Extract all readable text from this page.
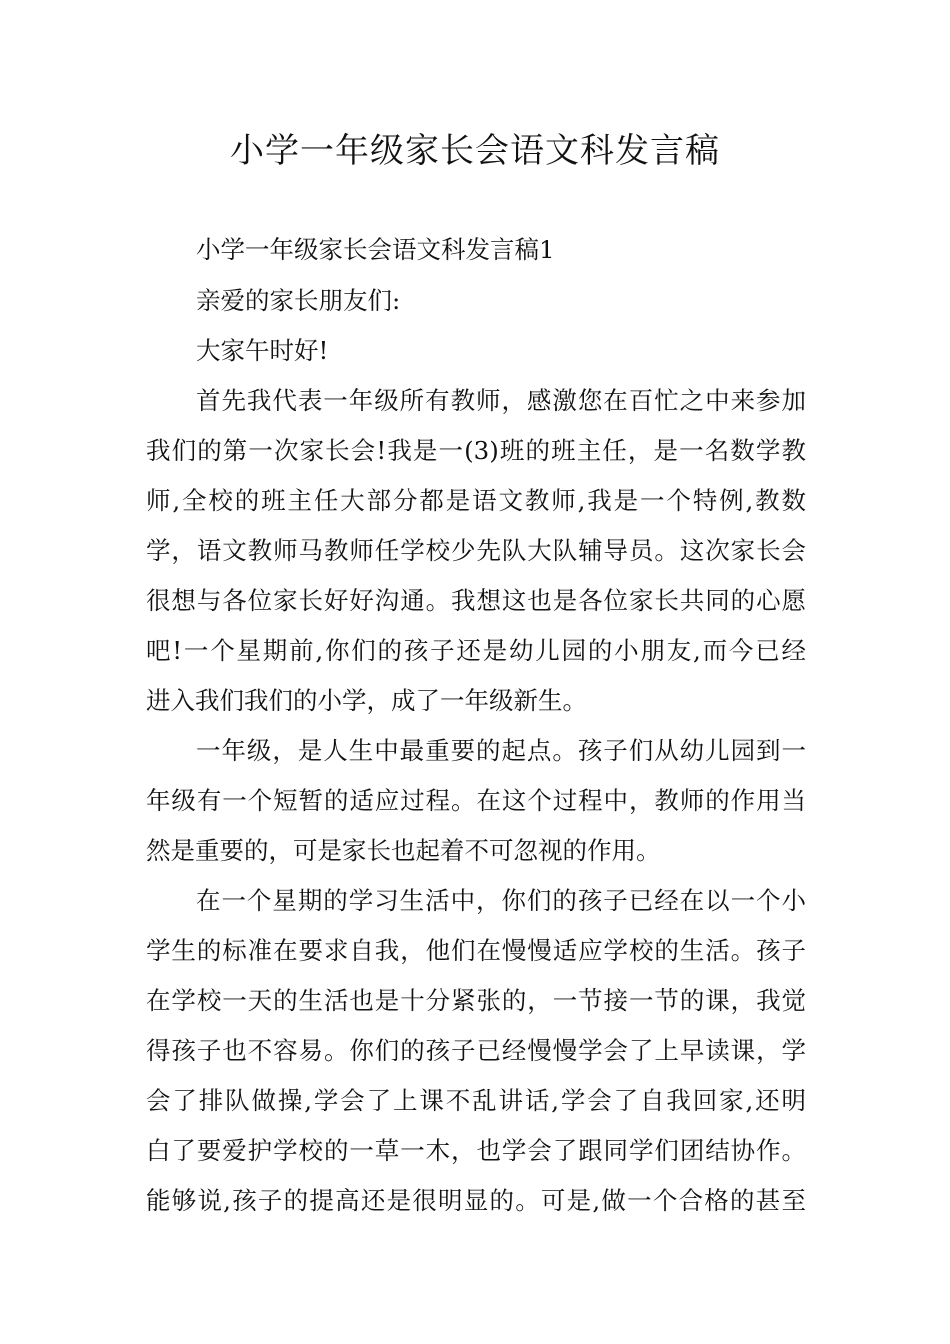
小学一年级家长会语文科发言稿

小学一年级家长会语文科发言稿1

亲爱的家长朋友们:

大家午时好!

首先我代表一年级所有教师，感激您在百忙之中来参加

我们的第一次家长会!我是一(3)班的班主任，是一名数学教

师,全校的班主任大部分都是语文教师,我是一个特例,教数

学，语文教师马教师任学校少先队大队辅导员。这次家长会

很想与各位家长好好沟通。我想这也是各位家长共同的心愿

吧!一个星期前,你们的孩子还是幼儿园的小朋友,而今已经

进入我们我们的小学，成了一年级新生。

一年级，是人生中最重要的起点。孩子们从幼儿园到一

年级有一个短暂的适应过程。在这个过程中，教师的作用当

然是重要的，可是家长也起着不可忽视的作用。

在一个星期的学习生活中，你们的孩子已经在以一个小

学生的标准在要求自我，他们在慢慢适应学校的生活。孩子

在学校一天的生活也是十分紧张的，一节接一节的课，我觉

得孩子也不容易。你们的孩子已经慢慢学会了上早读课，学

会了排队做操,学会了上课不乱讲话,学会了自我回家,还明

白了要爱护学校的一草一木，也学会了跟同学们团结协作。

能够说,孩子的提高还是很明显的。可是,做一个合格的甚至
